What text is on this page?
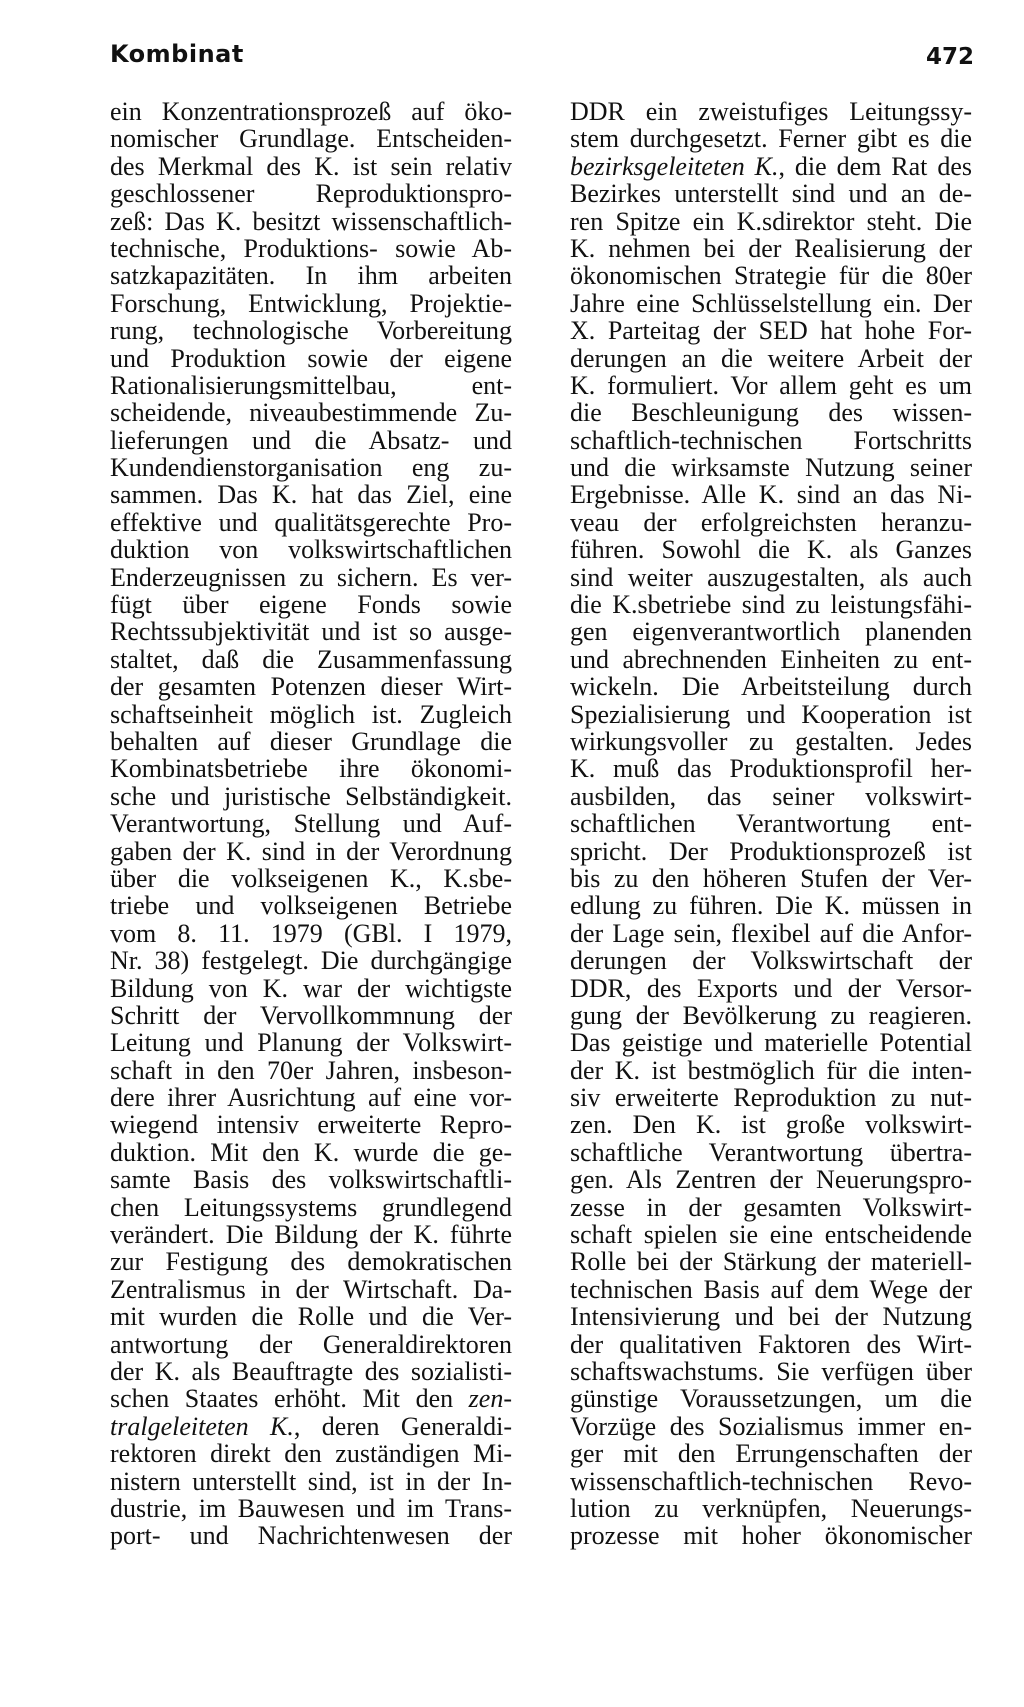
Kombinat	472
ein Konzentrationsprozeß auf öko-
nomischer Grundlage. Entscheiden-
des Merkmal des K. ist sein relativ
geschlossener Reproduktionspro-
zeß: Das K. besitzt wissenschaftlich-
technische, Produktions- sowie Ab-
satzkapazitäten. In ihm arbeiten
Forschung, Entwicklung, Projektie-
rung, technologische Vorbereitung
und Produktion sowie der eigene
Rationalisierungsmittelbau, ent-
scheidende, niveaubestimmende Zu-
lieferungen und die Absatz- und
Kundendienstorganisation eng zu-
sammen. Das K. hat das Ziel, eine
effektive und qualitätsgerechte Pro-
duktion von volkswirtschaftlichen
Enderzeugnissen zu sichern. Es ver-
fügt über eigene Fonds sowie
Rechtssubjektivität und ist so ausge-
staltet, daß die Zusammenfassung
der gesamten Potenzen dieser Wirt-
schaftseinheit möglich ist. Zugleich
behalten auf dieser Grundlage die
Kombinatsbetriebe ihre ökonomi-
sche und juristische Selbständigkeit.
Verantwortung, Stellung und Auf-
gaben der K. sind in der Verordnung
über die volkseigenen K., K.sbe-
triebe und volkseigenen Betriebe
vom 8. 11. 1979 (GBl. I 1979,
Nr. 38) festgelegt. Die durchgängige
Bildung von K. war der wichtigste
Schritt der Vervollkommnung der
Leitung und Planung der Volkswirt-
schaft in den 70er Jahren, insbeson-
dere ihrer Ausrichtung auf eine vor-
wiegend intensiv erweiterte Repro-
duktion. Mit den K. wurde die ge-
samte Basis des volkswirtschaftli-
chen Leitungssystems grundlegend
verändert. Die Bildung der K. führte
zur Festigung des demokratischen
Zentralismus in der Wirtschaft. Da-
mit wurden die Rolle und die Ver-
antwortung der Generaldirektoren
der K. als Beauftragte des sozialisti-
schen Staates erhöht. Mit den zen-
tralgeleiteten K., deren Generaldi-
rektoren direkt den zuständigen Mi-
nistern unterstellt sind, ist in der In-
dustrie, im Bauwesen und im Trans-
port- und Nachrichtenwesen der
DDR ein zweistufiges Leitungssy-
stem durchgesetzt. Ferner gibt es die
bezirksgeleiteten K., die dem Rat des
Bezirkes unterstellt sind und an de-
ren Spitze ein K.sdirektor steht. Die
K. nehmen bei der Realisierung der
ökonomischen Strategie für die 80er
Jahre eine Schlüsselstellung ein. Der
X. Parteitag der SED hat hohe For-
derungen an die weitere Arbeit der
K. formuliert. Vor allem geht es um
die Beschleunigung des wissen-
schaftlich-technischen Fortschritts
und die wirksamste Nutzung seiner
Ergebnisse. Alle K. sind an das Ni-
veau der erfolgreichsten heranzu-
führen. Sowohl die K. als Ganzes
sind weiter auszugestalten, als auch
die K.sbetriebe sind zu leistungsfähi-
gen eigenverantwortlich planenden
und abrechnenden Einheiten zu ent-
wickeln. Die Arbeitsteilung durch
Spezialisierung und Kooperation ist
wirkungsvoller zu gestalten. Jedes
K. muß das Produktionsprofil her-
ausbilden, das seiner volkswirt-
schaftlichen Verantwortung ent-
spricht. Der Produktionsprozeß ist
bis zu den höheren Stufen der Ver-
edlung zu führen. Die K. müssen in
der Lage sein, flexibel auf die Anfor-
derungen der Volkswirtschaft der
DDR, des Exports und der Versor-
gung der Bevölkerung zu reagieren.
Das geistige und materielle Potential
der K. ist bestmöglich für die inten-
siv erweiterte Reproduktion zu nut-
zen. Den K. ist große volkswirt-
schaftliche Verantwortung übertra-
gen. Als Zentren der Neuerungspro-
zesse in der gesamten Volkswirt-
schaft spielen sie eine entscheidende
Rolle bei der Stärkung der materiell-
technischen Basis auf dem Wege der
Intensivierung und bei der Nutzung
der qualitativen Faktoren des Wirt-
schaftswachstums. Sie verfügen über
günstige Voraussetzungen, um die
Vorzüge des Sozialismus immer en-
ger mit den Errungenschaften der
wissenschaftlich-technischen Revo-
lution zu verknüpfen, Neuerungs-
prozesse mit hoher ökonomischer
